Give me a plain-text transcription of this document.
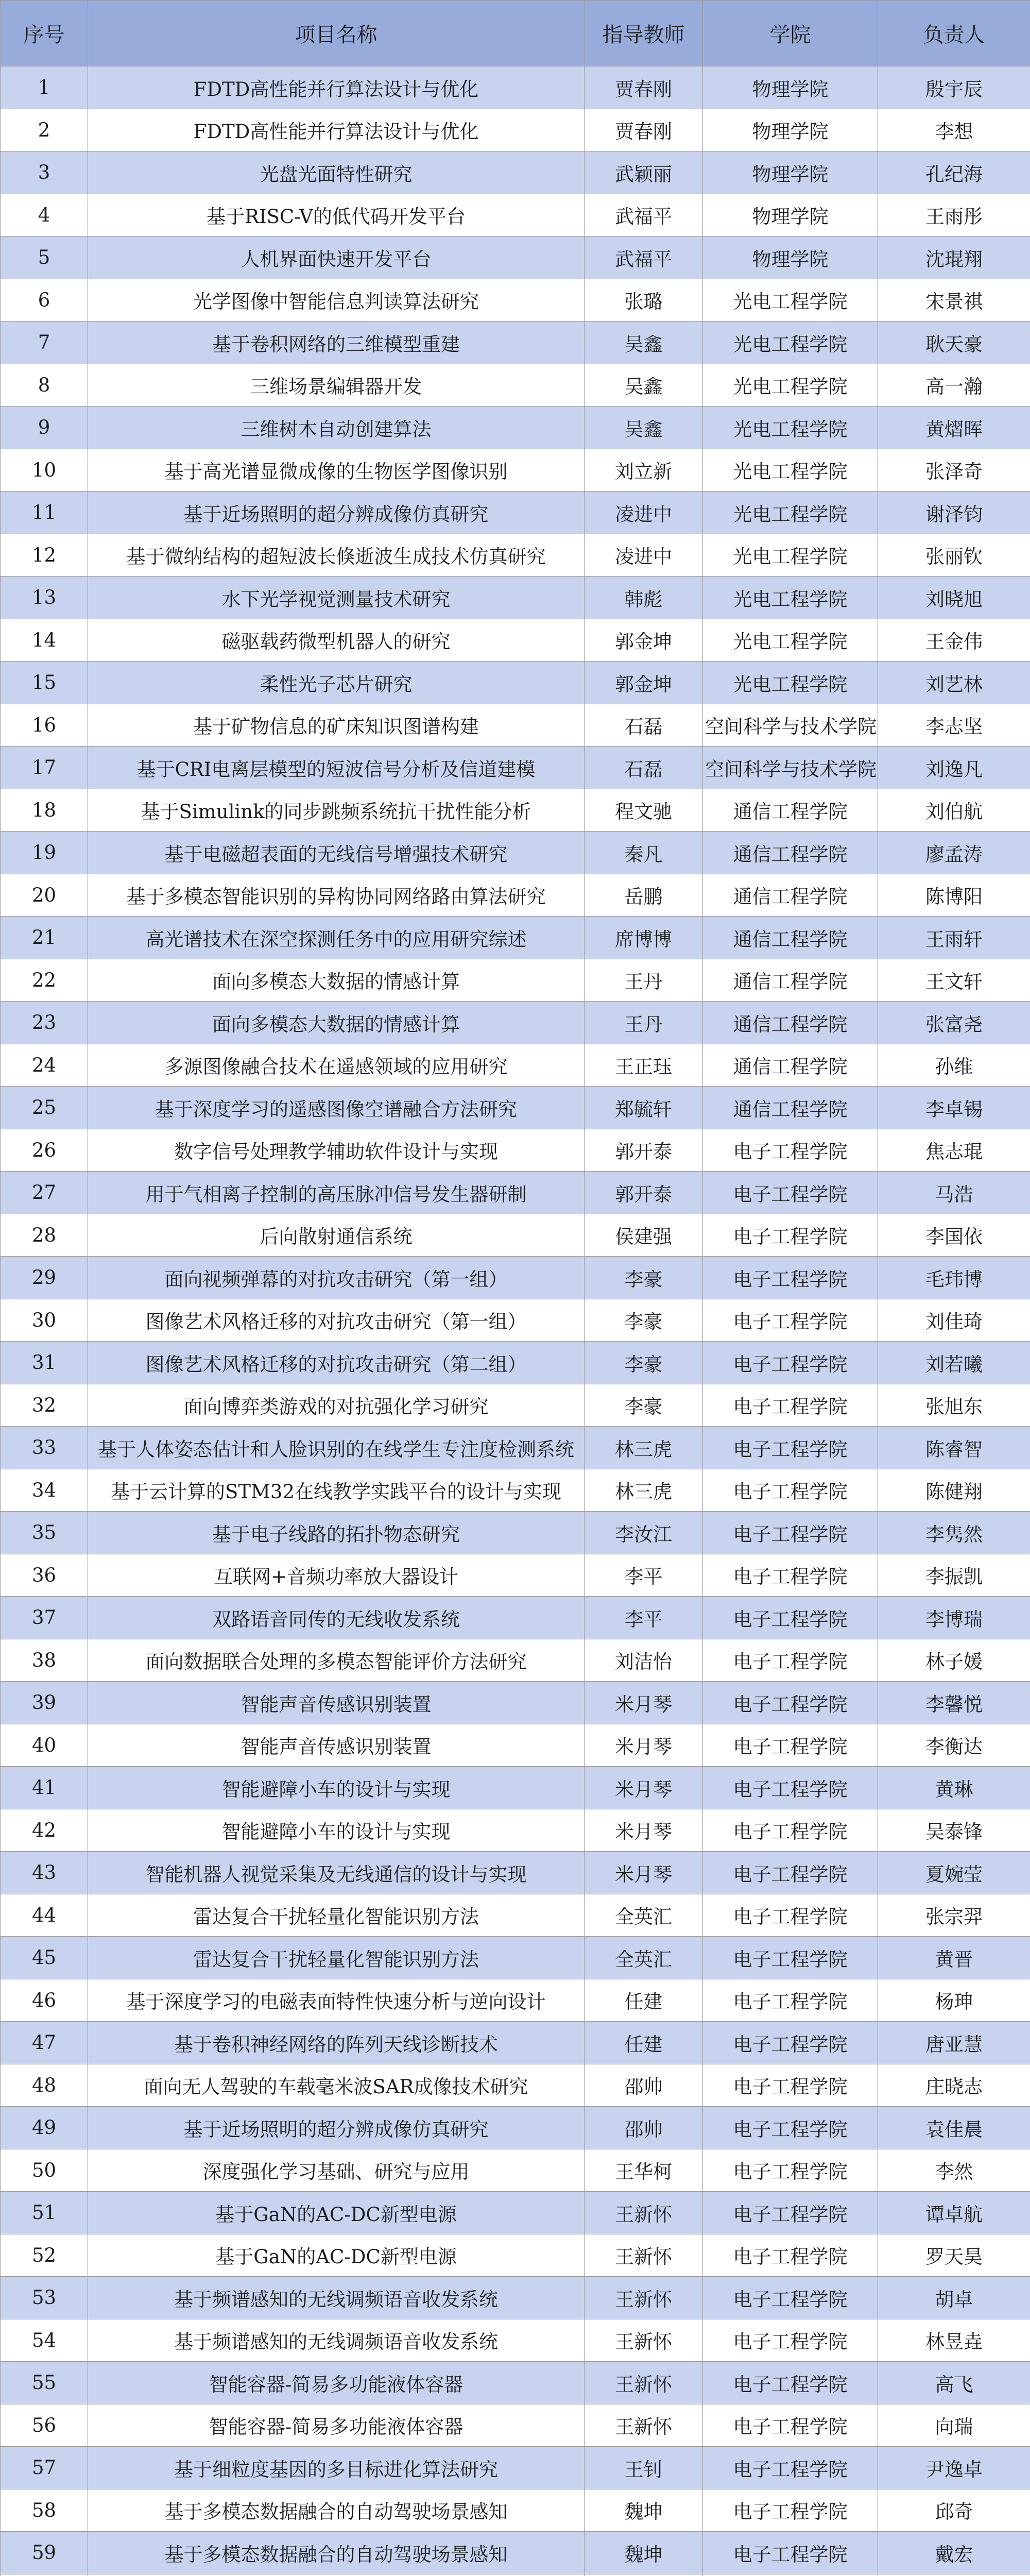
序号	项目名称	指导教师	学院	负责人
1	FDTD高性能并行算法设计与优化	贾春刚	物理学院	殷宇辰
2	FDTD高性能并行算法设计与优化	贾春刚	物理学院	李想
3	光盘光面特性研究	武颖丽	物理学院	孔纪海
4	基于RISC-V的低代码开发平台	武福平	物理学院	王雨彤
5	人机界面快速开发平台	武福平	物理学院	沈琨翔
6	光学图像中智能信息判读算法研究	张璐	光电工程学院	宋景祺
7	基于卷积网络的三维模型重建	吴鑫	光电工程学院	耿天豪
8	三维场景编辑器开发	吴鑫	光电工程学院	高一瀚
9	三维树木自动创建算法	吴鑫	光电工程学院	黄熠晖
10	基于高光谱显微成像的生物医学图像识别	刘立新	光电工程学院	张泽奇
11	基于近场照明的超分辨成像仿真研究	凌进中	光电工程学院	谢泽钧
12	基于微纳结构的超短波长倏逝波生成技术仿真研究	凌进中	光电工程学院	张丽钦
13	水下光学视觉测量技术研究	韩彪	光电工程学院	刘晓旭
14	磁驱载药微型机器人的研究	郭金坤	光电工程学院	王金伟
15	柔性光子芯片研究	郭金坤	光电工程学院	刘艺林
16	基于矿物信息的矿床知识图谱构建	石磊	空间科学与技术学院	李志坚
17	基于CRI电离层模型的短波信号分析及信道建模	石磊	空间科学与技术学院	刘逸凡
18	基于Simulink的同步跳频系统抗干扰性能分析	程文驰	通信工程学院	刘伯航
19	基于电磁超表面的无线信号增强技术研究	秦凡	通信工程学院	廖孟涛
20	基于多模态智能识别的异构协同网络路由算法研究	岳鹏	通信工程学院	陈博阳
21	高光谱技术在深空探测任务中的应用研究综述	席博博	通信工程学院	王雨轩
22	面向多模态大数据的情感计算	王丹	通信工程学院	王文轩
23	面向多模态大数据的情感计算	王丹	通信工程学院	张富尧
24	多源图像融合技术在遥感领域的应用研究	王正珏	通信工程学院	孙维
25	基于深度学习的遥感图像空谱融合方法研究	郑毓轩	通信工程学院	李卓锡
26	数字信号处理教学辅助软件设计与实现	郭开泰	电子工程学院	焦志琨
27	用于气相离子控制的高压脉冲信号发生器研制	郭开泰	电子工程学院	马浩
28	后向散射通信系统	侯建强	电子工程学院	李国依
29	面向视频弹幕的对抗攻击研究（第一组）	李豪	电子工程学院	毛玮博
30	图像艺术风格迁移的对抗攻击研究（第一组）	李豪	电子工程学院	刘佳琦
31	图像艺术风格迁移的对抗攻击研究（第二组）	李豪	电子工程学院	刘若曦
32	面向博弈类游戏的对抗强化学习研究	李豪	电子工程学院	张旭东
33	基于人体姿态估计和人脸识别的在线学生专注度检测系统	林三虎	电子工程学院	陈睿智
34	基于云计算的STM32在线教学实践平台的设计与实现	林三虎	电子工程学院	陈健翔
35	基于电子线路的拓扑物态研究	李汝江	电子工程学院	李隽然
36	互联网+音频功率放大器设计	李平	电子工程学院	李振凯
37	双路语音同传的无线收发系统	李平	电子工程学院	李博瑞
38	面向数据联合处理的多模态智能评价方法研究	刘洁怡	电子工程学院	林子媛
39	智能声音传感识别装置	米月琴	电子工程学院	李馨悦
40	智能声音传感识别装置	米月琴	电子工程学院	李衡达
41	智能避障小车的设计与实现	米月琴	电子工程学院	黄琳
42	智能避障小车的设计与实现	米月琴	电子工程学院	吴泰锋
43	智能机器人视觉采集及无线通信的设计与实现	米月琴	电子工程学院	夏婉莹
44	雷达复合干扰轻量化智能识别方法	全英汇	电子工程学院	张宗羿
45	雷达复合干扰轻量化智能识别方法	全英汇	电子工程学院	黄晋
46	基于深度学习的电磁表面特性快速分析与逆向设计	任建	电子工程学院	杨珅
47	基于卷积神经网络的阵列天线诊断技术	任建	电子工程学院	唐亚慧
48	面向无人驾驶的车载毫米波SAR成像技术研究	邵帅	电子工程学院	庄晓志
49	基于近场照明的超分辨成像仿真研究	邵帅	电子工程学院	袁佳晨
50	深度强化学习基础、研究与应用	王华柯	电子工程学院	李然
51	基于GaN的AC-DC新型电源	王新怀	电子工程学院	谭卓航
52	基于GaN的AC-DC新型电源	王新怀	电子工程学院	罗天昊
53	基于频谱感知的无线调频语音收发系统	王新怀	电子工程学院	胡卓
54	基于频谱感知的无线调频语音收发系统	王新怀	电子工程学院	林昱垚
55	智能容器-简易多功能液体容器	王新怀	电子工程学院	高飞
56	智能容器-简易多功能液体容器	王新怀	电子工程学院	向瑞
57	基于细粒度基因的多目标进化算法研究	王钊	电子工程学院	尹逸卓
58	基于多模态数据融合的自动驾驶场景感知	魏坤	电子工程学院	邱奇
59	基于多模态数据融合的自动驾驶场景感知	魏坤	电子工程学院	戴宏
